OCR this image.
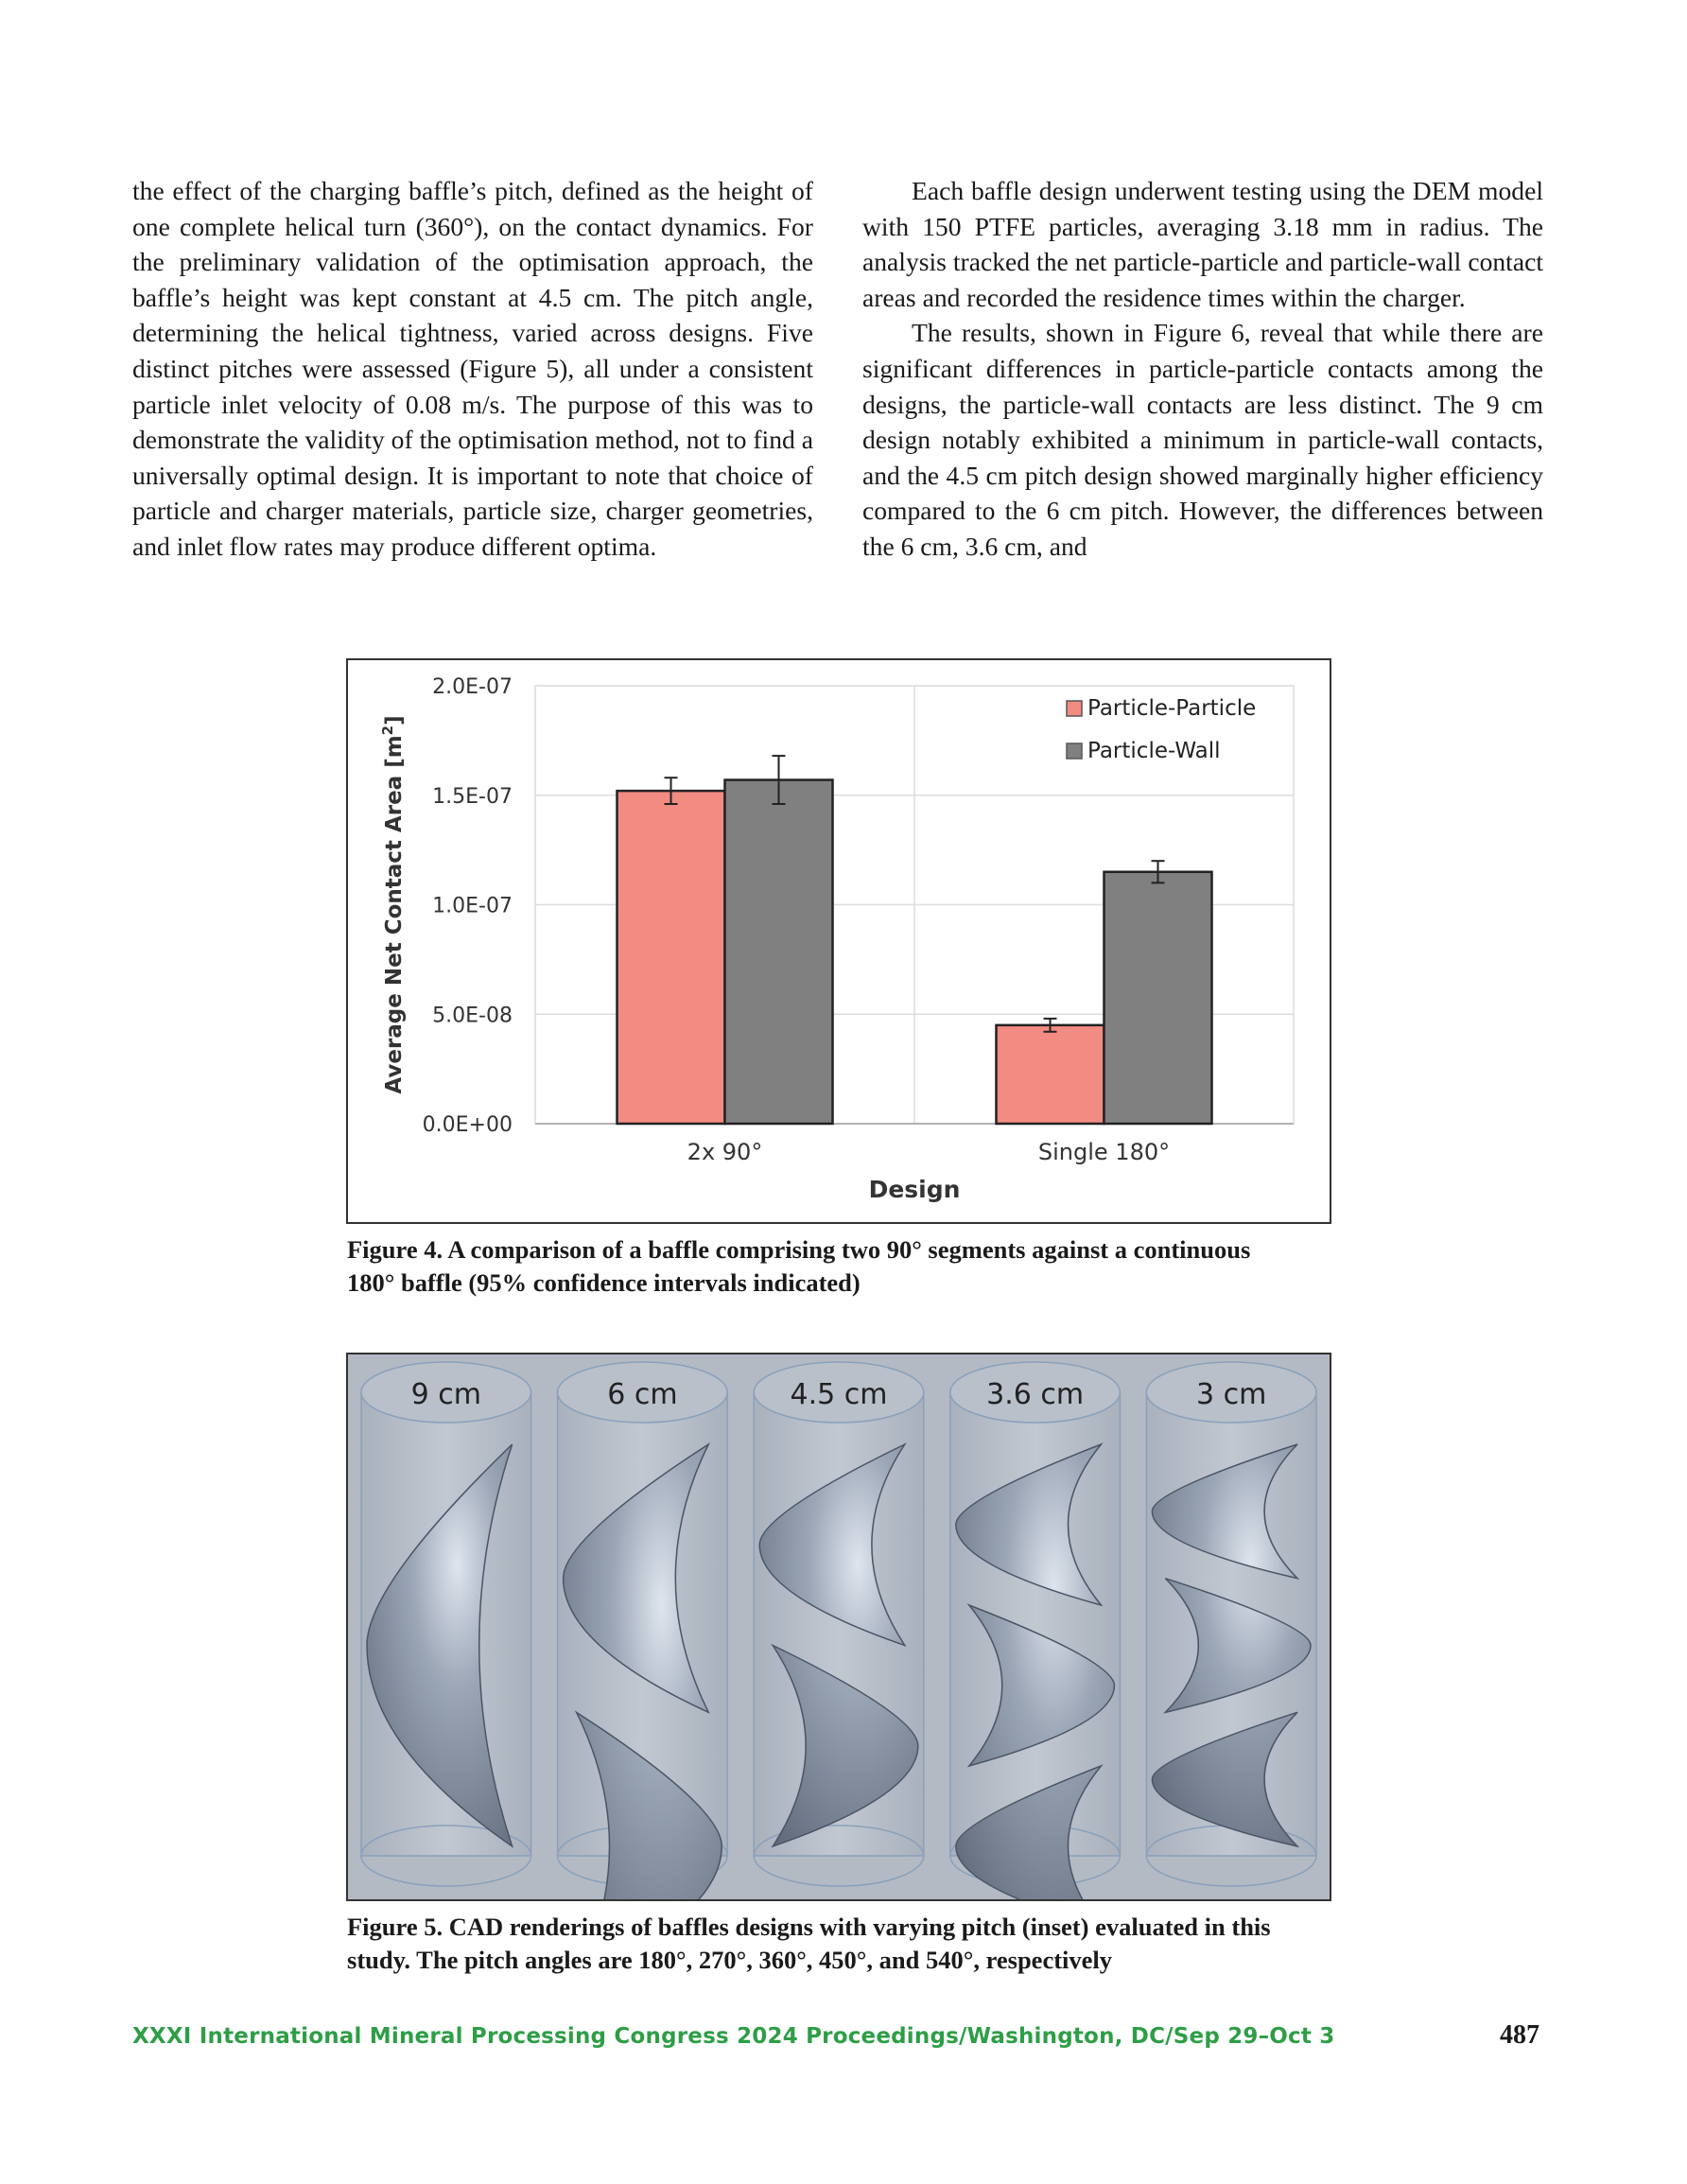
the effect of the charging baffle’s pitch, defined as the height of one complete helical turn (360°), on the contact dynamics. For the preliminary validation of the optimisation approach, the baffle’s height was kept constant at 4.5 cm. The pitch angle, determining the helical tightness, varied across designs. Five distinct pitches were assessed (Figure 5), all under a consistent particle inlet velocity of 0.08 m/s. The purpose of this was to demonstrate the validity of the optimisation method, not to find a universally optimal design. It is important to note that choice of particle and charger materials, particle size, charger geometries, and inlet flow rates may produce different optima.

Each baffle design underwent testing using the DEM model with 150 PTFE particles, averaging 3.18 mm in radius. The analysis tracked the net particle-particle and particle-wall contact areas and recorded the residence times within the charger.

The results, shown in Figure 6, reveal that while there are significant differences in particle-particle contacts among the designs, the particle-wall contacts are less distinct. The 9 cm design notably exhibited a minimum in particle-wall contacts, and the 4.5 cm pitch design showed marginally higher efficiency compared to the 6 cm pitch. However, the differences between the 6 cm, 3.6 cm, and

0.0E+00
5.0E-08
1.0E-07
1.5E-07
2.0E-07
2x 90°	Single 180°
Design
Average Net Contact Area $[m^2]$	Particle-Particle
Particle-Wall
Figure 4. A comparison of a baffle comprising two 90° segments against a continuous
180° baffle (95% confidence intervals indicated)
9 cm	6 cm	4.5 cm	3.6 cm	3 cm
Figure 5. CAD renderings of baffles designs with varying pitch (inset) evaluated in this
study. The pitch angles are 180°, 270°, 360°, 450°, and 540°, respectively
XXXI International Mineral Processing Congress 2024 Proceedings/Washington, DC/Sep 29–Oct 3	487
